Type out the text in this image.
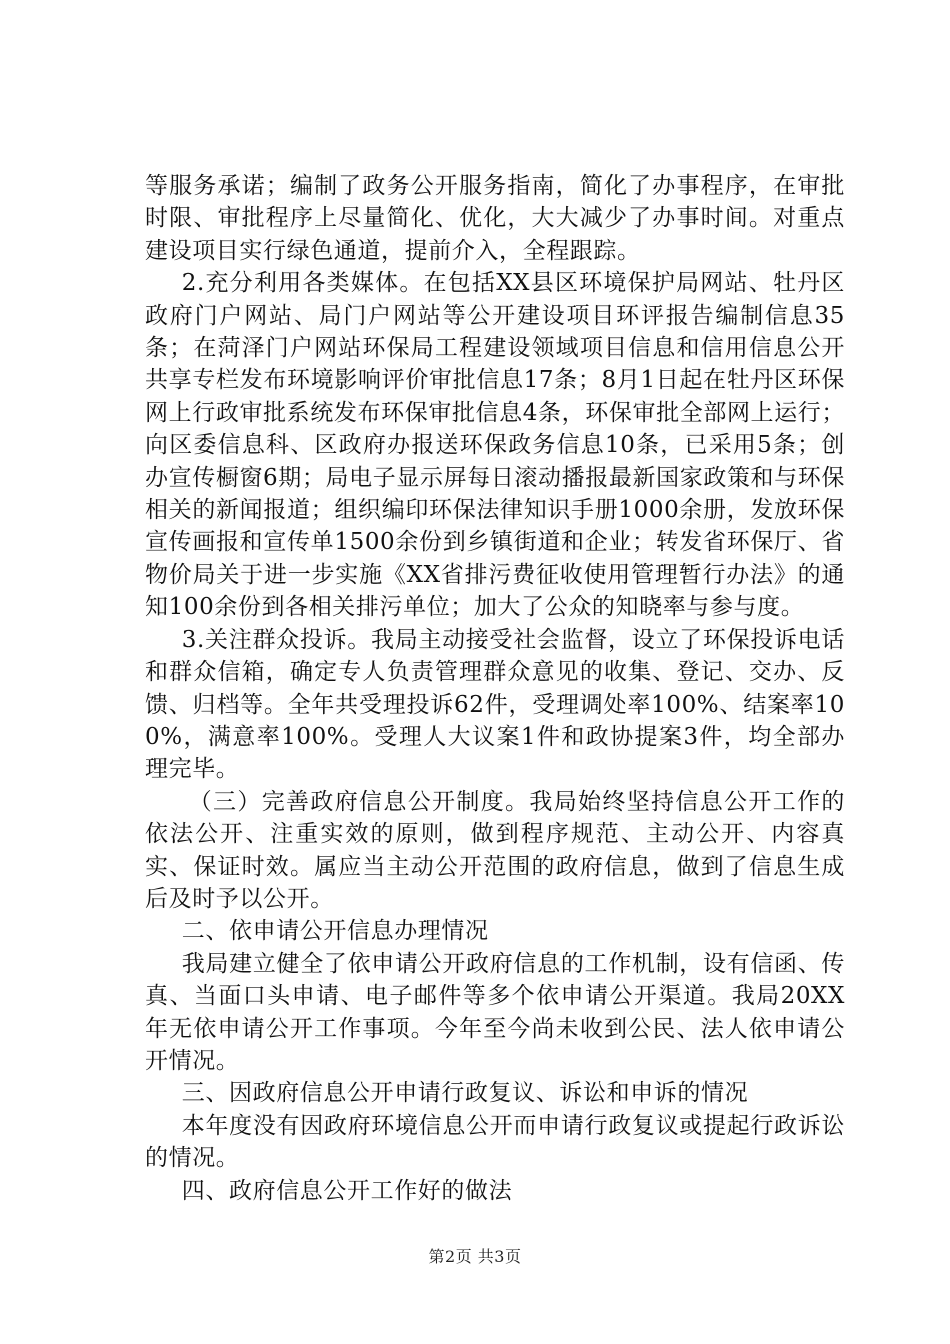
等服务承诺；编制了政务公开服务指南，简化了办事程序，在审批时限、审批程序上尽量简化、优化，大大减少了办事时间。对重点建设项目实行绿色通道，提前介入，全程跟踪。

2.充分利用各类媒体。在包括XX县区环境保护局网站、牡丹区政府门户网站、局门户网站等公开建设项目环评报告编制信息35条；在菏泽门户网站环保局工程建设领域项目信息和信用信息公开共享专栏发布环境影响评价审批信息17条；8月1日起在牡丹区环保网上行政审批系统发布环保审批信息4条，环保审批全部网上运行；向区委信息科、区政府办报送环保政务信息10条，已采用5条；创办宣传橱窗6期；局电子显示屏每日滚动播报最新国家政策和与环保相关的新闻报道；组织编印环保法律知识手册1000余册，发放环保宣传画报和宣传单1500余份到乡镇街道和企业；转发省环保厅、省物价局关于进一步实施《XX省排污费征收使用管理暂行办法》的通知100余份到各相关排污单位；加大了公众的知晓率与参与度。

3.关注群众投诉。我局主动接受社会监督，设立了环保投诉电话和群众信箱，确定专人负责管理群众意见的收集、登记、交办、反馈、归档等。全年共受理投诉62件，受理调处率100%、结案率100%，满意率100%。受理人大议案1件和政协提案3件，均全部办理完毕。

（三）完善政府信息公开制度。我局始终坚持信息公开工作的依法公开、注重实效的原则，做到程序规范、主动公开、内容真实、保证时效。属应当主动公开范围的政府信息，做到了信息生成后及时予以公开。

二、依申请公开信息办理情况

我局建立健全了依申请公开政府信息的工作机制，设有信函、传真、当面口头申请、电子邮件等多个依申请公开渠道。我局20XX年无依申请公开工作事项。今年至今尚未收到公民、法人依申请公开情况。

三、因政府信息公开申请行政复议、诉讼和申诉的情况

本年度没有因政府环境信息公开而申请行政复议或提起行政诉讼的情况。

四、政府信息公开工作好的做法

第2页 共3页
